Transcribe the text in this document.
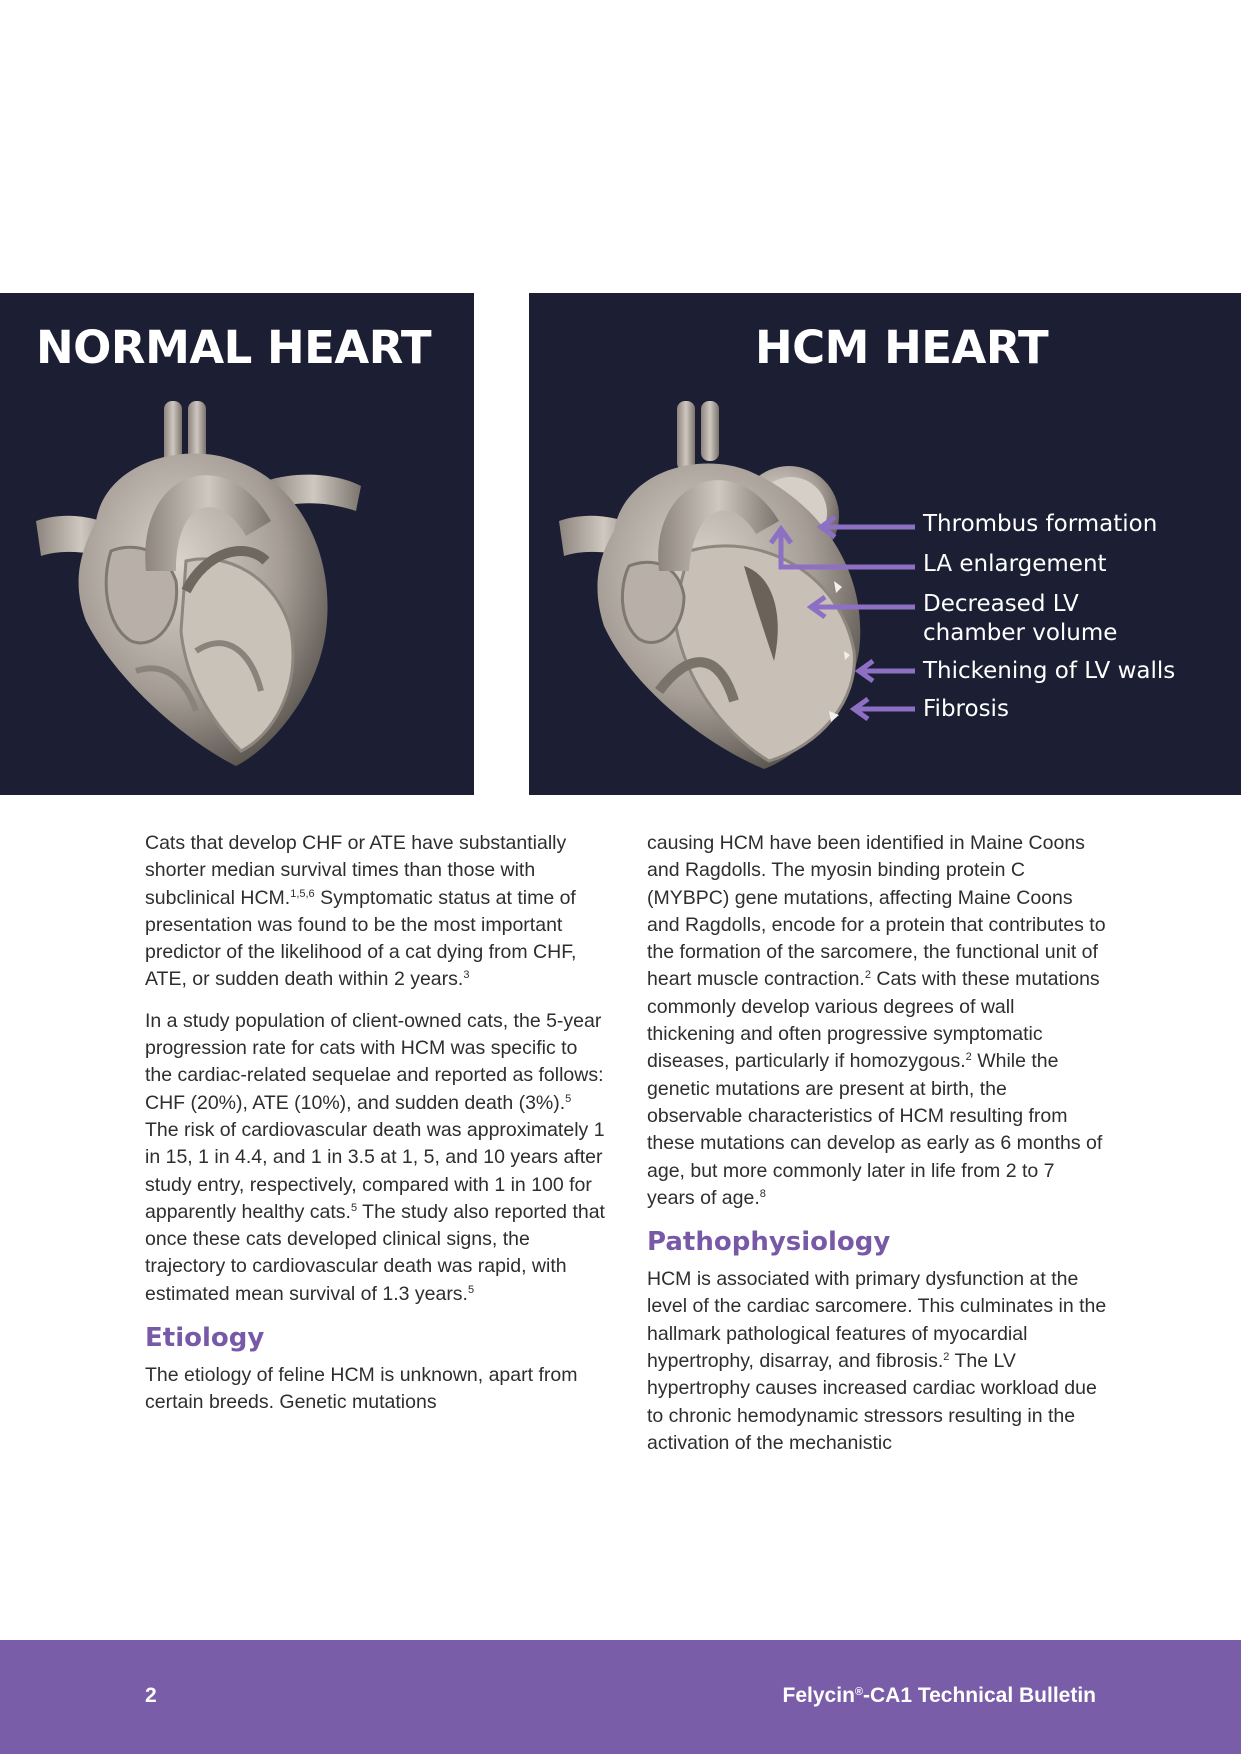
NORMAL HEART	HCM HEART

Thrombus formation

LA enlargement

Decreased LV

chamber volume

Thickening of LV walls

Fibrosis

Cats that develop CHF or ATE have substantially shorter median survival times than those with subclinical HCM.$^{1,5,6}$ Symptomatic status at time of presentation was found to be the most important predictor of the likelihood of a cat dying from CHF, ATE, or sudden death within 2 years.$^3$

In a study population of client-owned cats, the 5-year progression rate for cats with HCM was specific to the cardiac-related sequelae and reported as follows: CHF (20%), ATE (10%), and sudden death (3%).$^5$ The risk of cardiovascular death was approximately 1 in 15, 1 in 4.4, and 1 in 3.5 at 1, 5, and 10 years after study entry, respectively, compared with 1 in 100 for apparently healthy cats.$^5$ The study also reported that once these cats developed clinical signs, the trajectory to cardiovascular death was rapid, with estimated mean survival of 1.3 years.$^5$

Etiology

The etiology of feline HCM is unknown, apart from certain breeds. Genetic mutations

causing HCM have been identified in Maine Coons and Ragdolls. The myosin binding protein C (MYBPC) gene mutations, affecting Maine Coons and Ragdolls, encode for a protein that contributes to the formation of the sarcomere, the functional unit of heart muscle contraction.$^2$ Cats with these mutations commonly develop various degrees of wall thickening and often progressive symptomatic diseases, particularly if homozygous.$^2$ While the genetic mutations are present at birth, the observable characteristics of HCM resulting from these mutations can develop as early as 6 months of age, but more commonly later in life from 2 to 7 years of age.$^8$

Pathophysiology

HCM is associated with primary dysfunction at the level of the cardiac sarcomere. This culminates in the hallmark pathological features of myocardial hypertrophy, disarray, and fibrosis.$^2$ The LV hypertrophy causes increased cardiac workload due to chronic hemodynamic stressors resulting in the activation of the mechanistic

2	Felycin®-CA1 Technical Bulletin
